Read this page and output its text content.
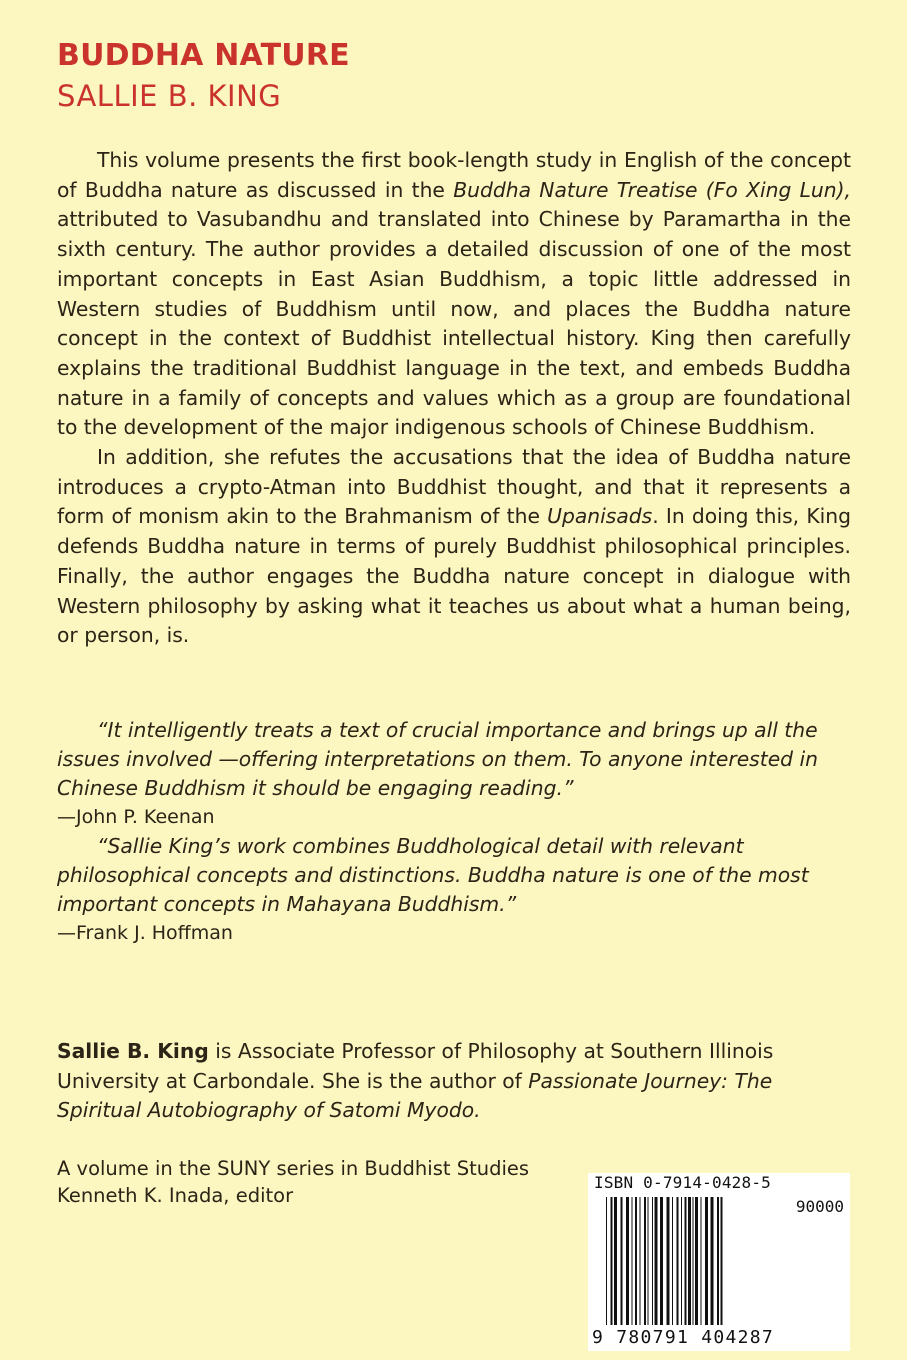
BUDDHA NATURE
SALLIE B. KING

This volume presents the first book-length study in English of the concept of Buddha nature as discussed in the Buddha Nature Treatise (Fo Xing Lun), attributed to Vasubandhu and translated into Chinese by Paramartha in the sixth century. The author provides a detailed discussion of one of the most important concepts in East Asian Buddhism, a topic little addressed in Western studies of Buddhism until now, and places the Buddha nature concept in the context of Buddhist intellectual history. King then carefully explains the traditional Buddhist language in the text, and embeds Buddha nature in a family of concepts and values which as a group are foundational to the development of the major indigenous schools of Chinese Buddhism.

In addition, she refutes the accusations that the idea of Buddha nature introduces a crypto-Atman into Buddhist thought, and that it represents a form of monism akin to the Brahmanism of the Upanisads. In doing this, King defends Buddha nature in terms of purely Buddhist philosophical principles. Finally, the author engages the Buddha nature concept in dialogue with Western philosophy by asking what it teaches us about what a human being, or person, is.

“It intelligently treats a text of crucial importance and brings up all the issues involved —offering interpretations on them. To anyone interested in Chinese Buddhism it should be engaging reading.”

—John P. Keenan

“Sallie King’s work combines Buddhological detail with relevant philosophical concepts and distinctions. Buddha nature is one of the most important concepts in Mahayana Buddhism.”

—Frank J. Hoffman

Sallie B. King is Associate Professor of Philosophy at Southern Illinois University at Carbondale. She is the author of Passionate Journey: The Spiritual Autobiography of Satomi Myodo.

A volume in the SUNY series in Buddhist Studies
Kenneth K. Inada, editor
ISBN 0-7914-0428-5
90000
9 780791 404287
